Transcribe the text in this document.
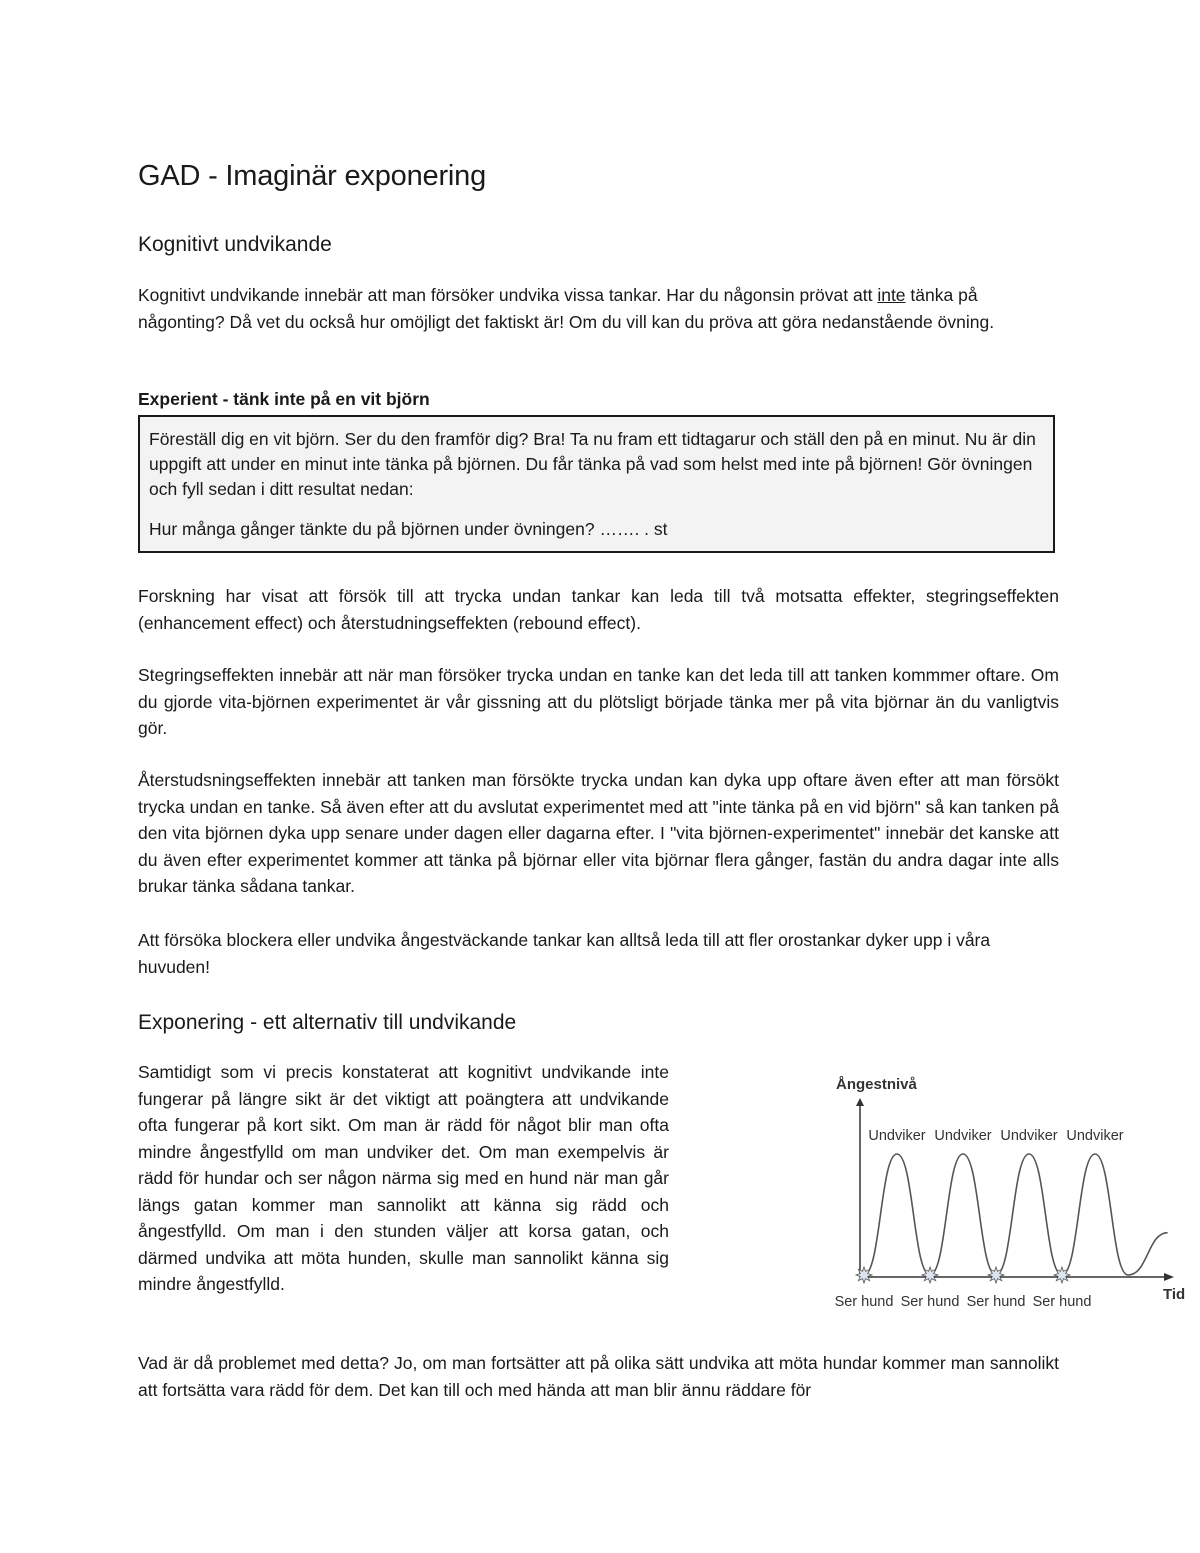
GAD - Imaginär exponering
Kognitivt undvikande

Kognitivt undvikande innebär att man försöker undvika vissa tankar. Har du någonsin prövat att inte tänka på någonting? Då vet du också hur omöjligt det faktiskt är! Om du vill kan du pröva att göra nedanstående övning.

Experient - tänk inte på en vit björn

Föreställ dig en vit björn. Ser du den framför dig? Bra! Ta nu fram ett tidtagarur och ställ den på en minut. Nu är din uppgift att under en minut inte tänka på björnen. Du får tänka på vad som helst med inte på björnen! Gör övningen och fyll sedan i ditt resultat nedan:

Hur många gånger tänkte du på björnen under övningen? ……. . st

Forskning har visat att försök till att trycka undan tankar kan leda till två motsatta effekter, stegringseffekten (enhancement effect) och återstudningseffekten (rebound effect).

Stegringseffekten innebär att när man försöker trycka undan en tanke kan det leda till att tanken kommmer oftare. Om du gjorde vita-björnen experimentet är vår gissning att du plötsligt började tänka mer på vita björnar än du vanligtvis gör.

Återstudsningseffekten innebär att tanken man försökte trycka undan kan dyka upp oftare även efter att man försökt trycka undan en tanke. Så även efter att du avslutat experimentet med att "inte tänka på en vid björn" så kan tanken på den vita björnen dyka upp senare under dagen eller dagarna efter. I "vita björnen-experimentet" innebär det kanske att du även efter experimentet kommer att tänka på björnar eller vita björnar flera gånger, fastän du andra dagar inte alls brukar tänka sådana tankar.

Att försöka blockera eller undvika ångestväckande tankar kan alltså leda till att fler orostankar dyker upp i våra huvuden!

Exponering - ett alternativ till undvikande

Samtidigt som vi precis konstaterat att kognitivt undvikande inte fungerar på längre sikt är det viktigt att poängtera att undvikande ofta fungerar på kort sikt. Om man är rädd för något blir man ofta mindre ångestfylld om man undviker det. Om man exempelvis är rädd för hundar och ser någon närma sig med en hund när man går längs gatan kommer man sannolikt att känna sig rädd och ångestfylld. Om man i den stunden väljer att korsa gatan, och därmed undvika att möta hunden, skulle man sannolikt känna sig mindre ångestfylld.

Ångestnivå
Tid
Ser hund
Undviker
Ser hund
Undviker
Ser hund
Undviker
Ser hund
Undviker

Vad är då problemet med detta? Jo, om man fortsätter att på olika sätt undvika att möta hundar kommer man sannolikt att fortsätta vara rädd för dem. Det kan till och med hända att man blir ännu räddare för
